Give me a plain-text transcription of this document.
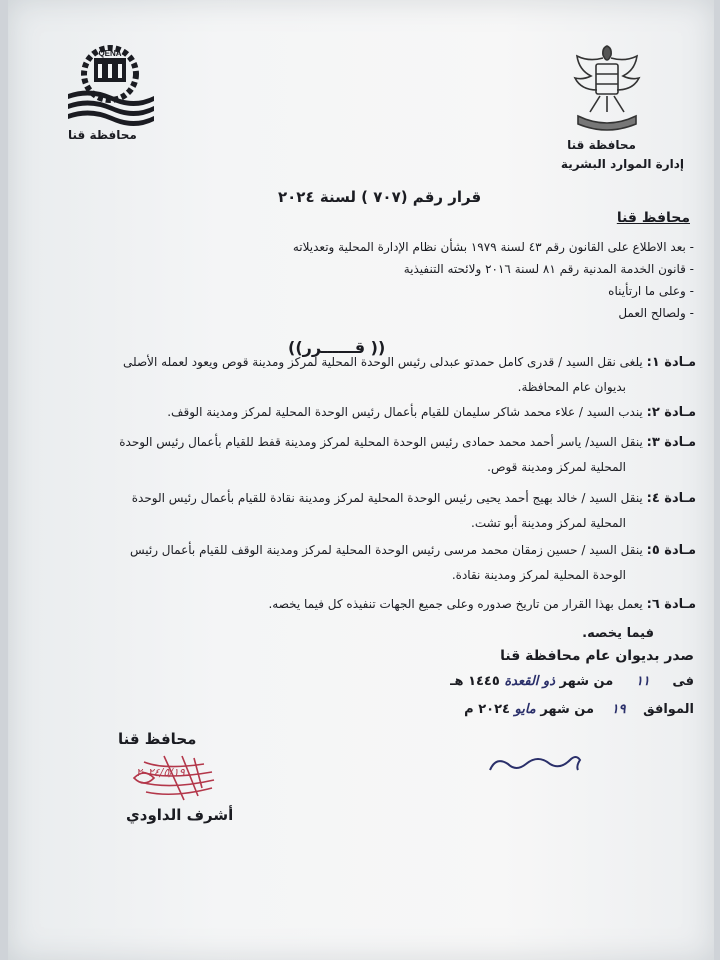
محافظة قنا
إدارة الموارد البشرية
QENA
محافظة قنا
قرار رقم (٧٠٧ ) لسنة ٢٠٢٤
محافظ قنا
- بعد الاطلاع على القانون رقم ٤٣ لسنة ١٩٧٩ بشأن نظام الإدارة المحلية وتعديلاته
- قانون الخدمة المدنية رقم ٨١ لسنة ٢٠١٦ ولائحته التنفيذية
- وعلى ما ارتأيناه
- ولصالح العمل
(( قــــــرر))
مـادة ١: يلغى نقل السيد / قدرى كامل حمدتو عبدلى رئيس الوحدة المحلية لمركز ومدينة قوص ويعود لعمله الأصلى
بديوان عام المحافظة.
مـادة ٢: يندب السيد / علاء محمد شاكر سليمان للقيام بأعمال رئيس الوحدة المحلية لمركز ومدينة الوقف.
مـادة ٣: ينقل السيد/ ياسر أحمد محمد حمادى رئيس الوحدة المحلية لمركز ومدينة قفط للقيام بأعمال رئيس الوحدة
المحلية لمركز ومدينة قوص.
مـادة ٤: ينقل السيد / خالد بهيج أحمد يحيى رئيس الوحدة المحلية لمركز ومدينة نقادة للقيام بأعمال رئيس الوحدة
المحلية لمركز ومدينة أبو تشت.
مـادة ٥: ينقل السيد / حسين زمقان محمد مرسى رئيس الوحدة المحلية لمركز ومدينة الوقف للقيام بأعمال رئيس
الوحدة المحلية لمركز ومدينة نقادة.
مـادة ٦: يعمل بهذا القرار من تاريخ صدوره وعلى جميع الجهات تنفيذه كل فيما يخصه.
فيما يخصه.
صدر بديوان عام محافظة قنا
فى ١١ من شهر ذو القعدة ١٤٤٥ هـ
الموافق ١٩ من شهر مايو ٢٠٢٤ م
محافظ قنا
٢٠٢٤/٥/١٩
أشرف الداودي
